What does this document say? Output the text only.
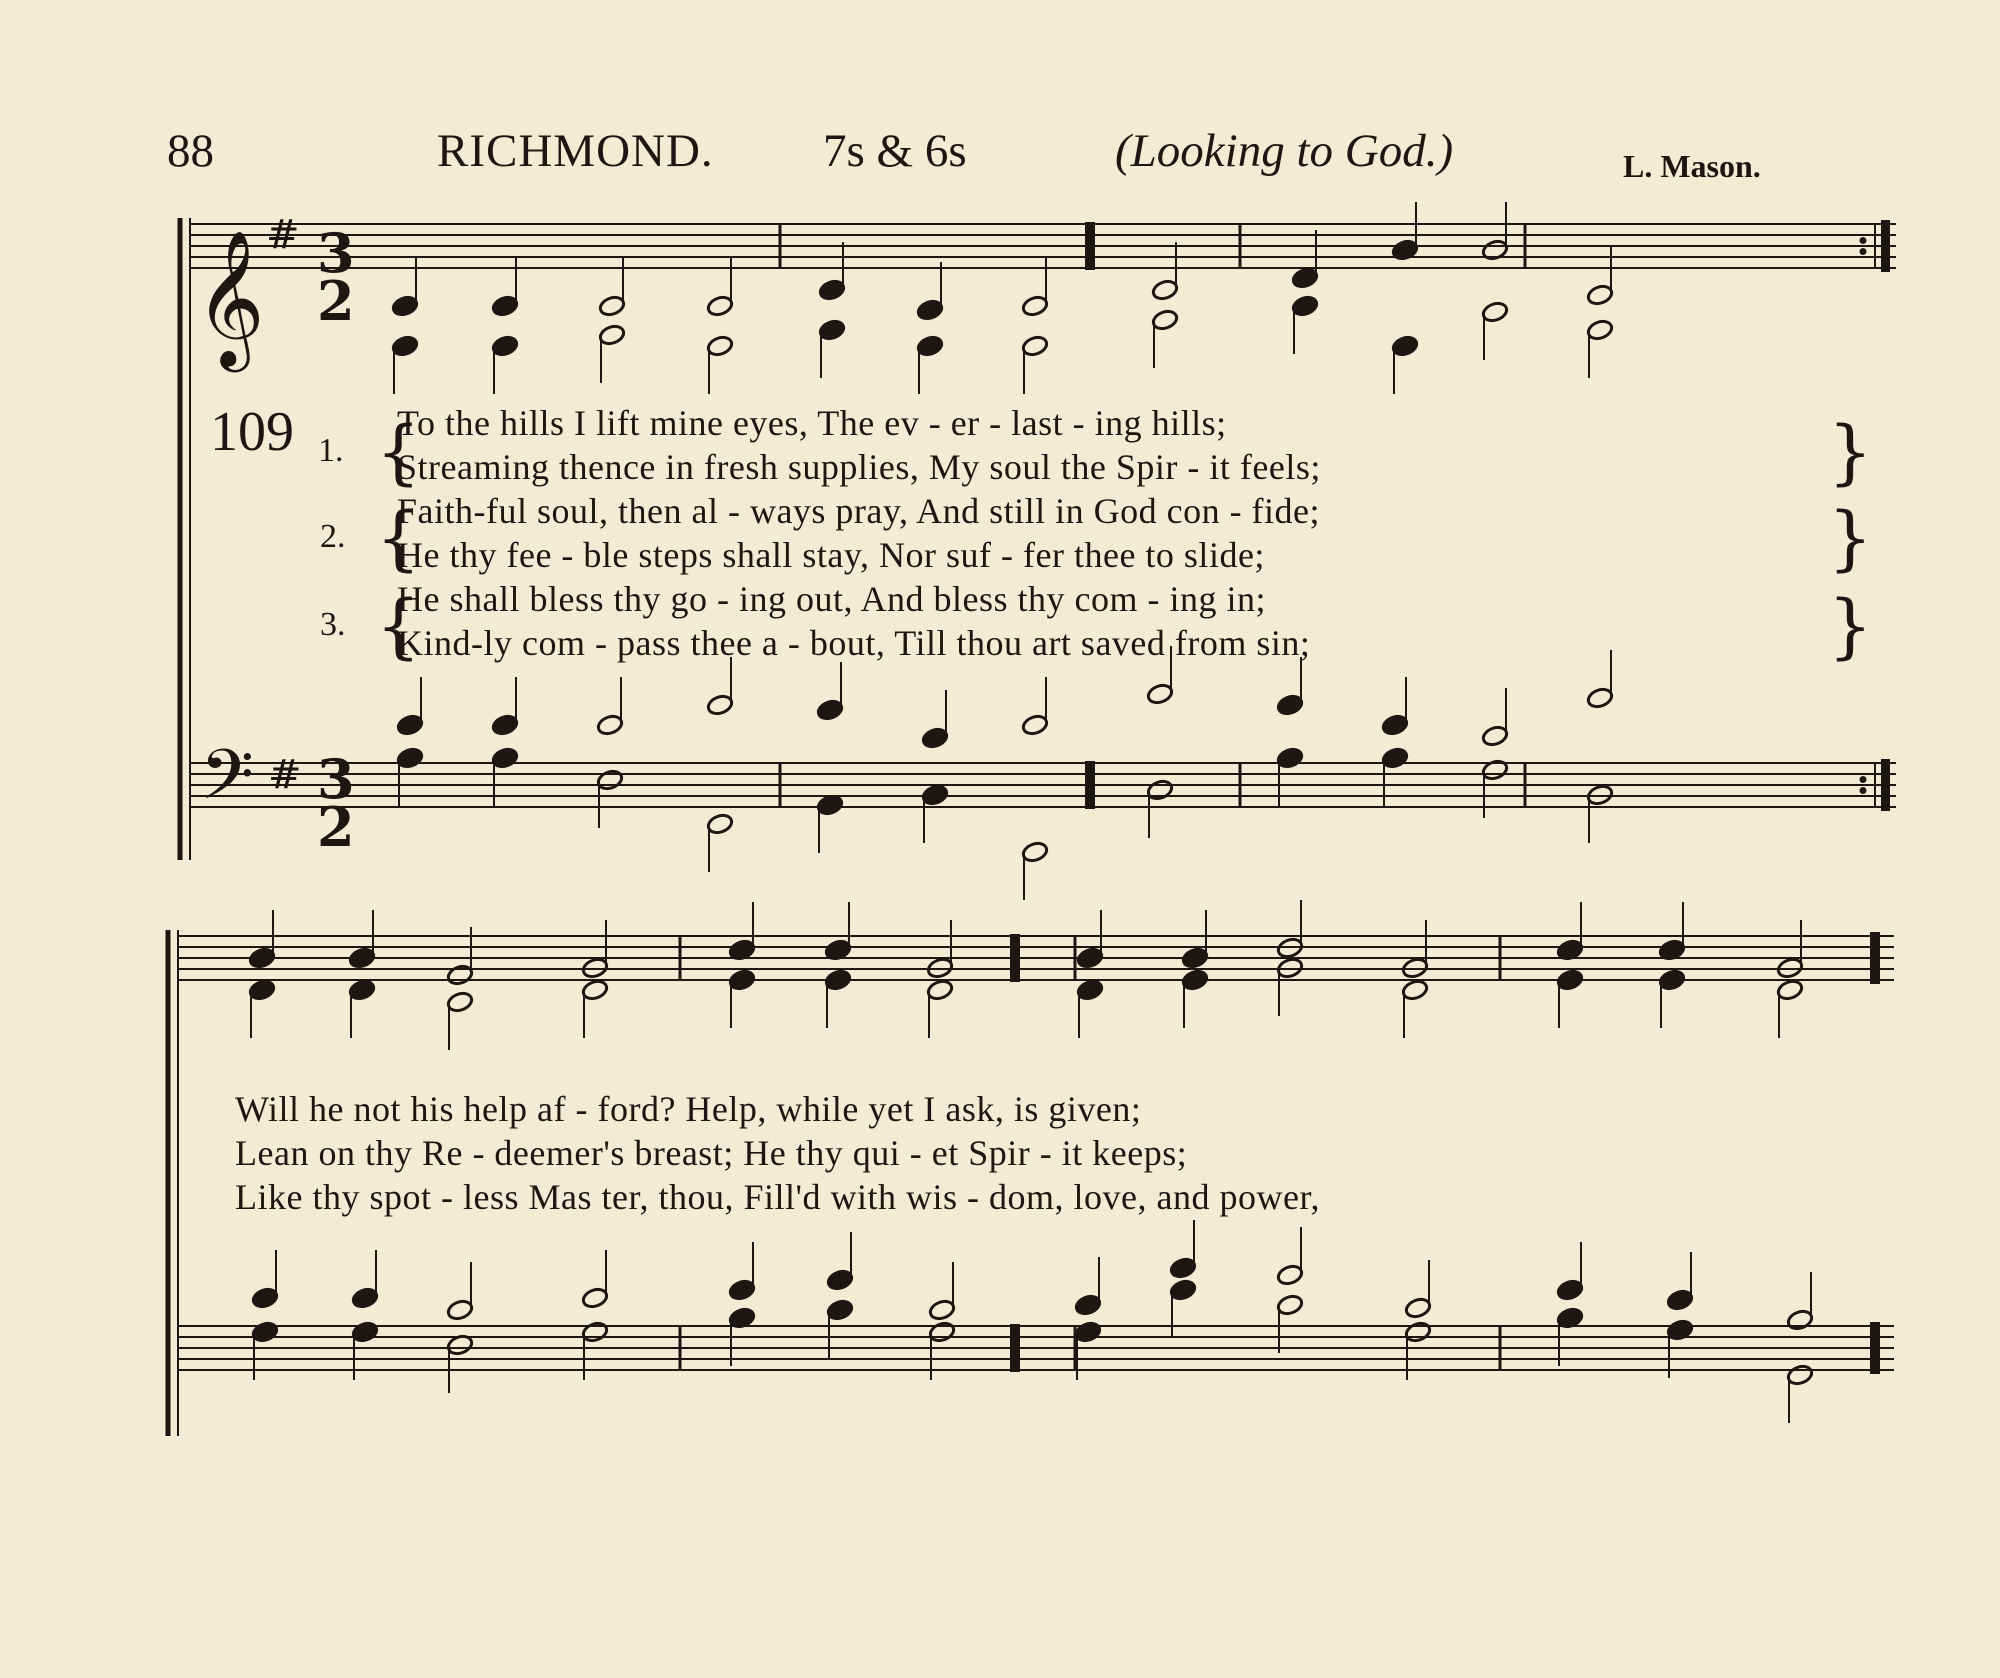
88	RICHMOND. 7s & 6s	(Looking to God.)	L. Mason.
𝄞 # 3
2
𝄢 # 3
2
{
{
{
}
}
}
109 1.
2.
3.
To the hills I lift mine eyes, The ev - er - last - ing hills;
Streaming thence in fresh supplies, My soul the Spir - it feels;
Faith-ful soul, then al - ways pray, And still in God con - fide;
He thy fee - ble steps shall stay, Nor suf - fer thee to slide;
He shall bless thy go - ing out, And bless thy com - ing in;
Kind-ly com - pass thee a - bout, Till thou art saved from sin;
Will he not his help af - ford? Help, while yet I ask, is given;
Lean on thy Re - deemer's breast; He thy qui - et Spir - it keeps;
Like thy spot - less Mas ter, thou, Fill'd with wis - dom, love, and power,
